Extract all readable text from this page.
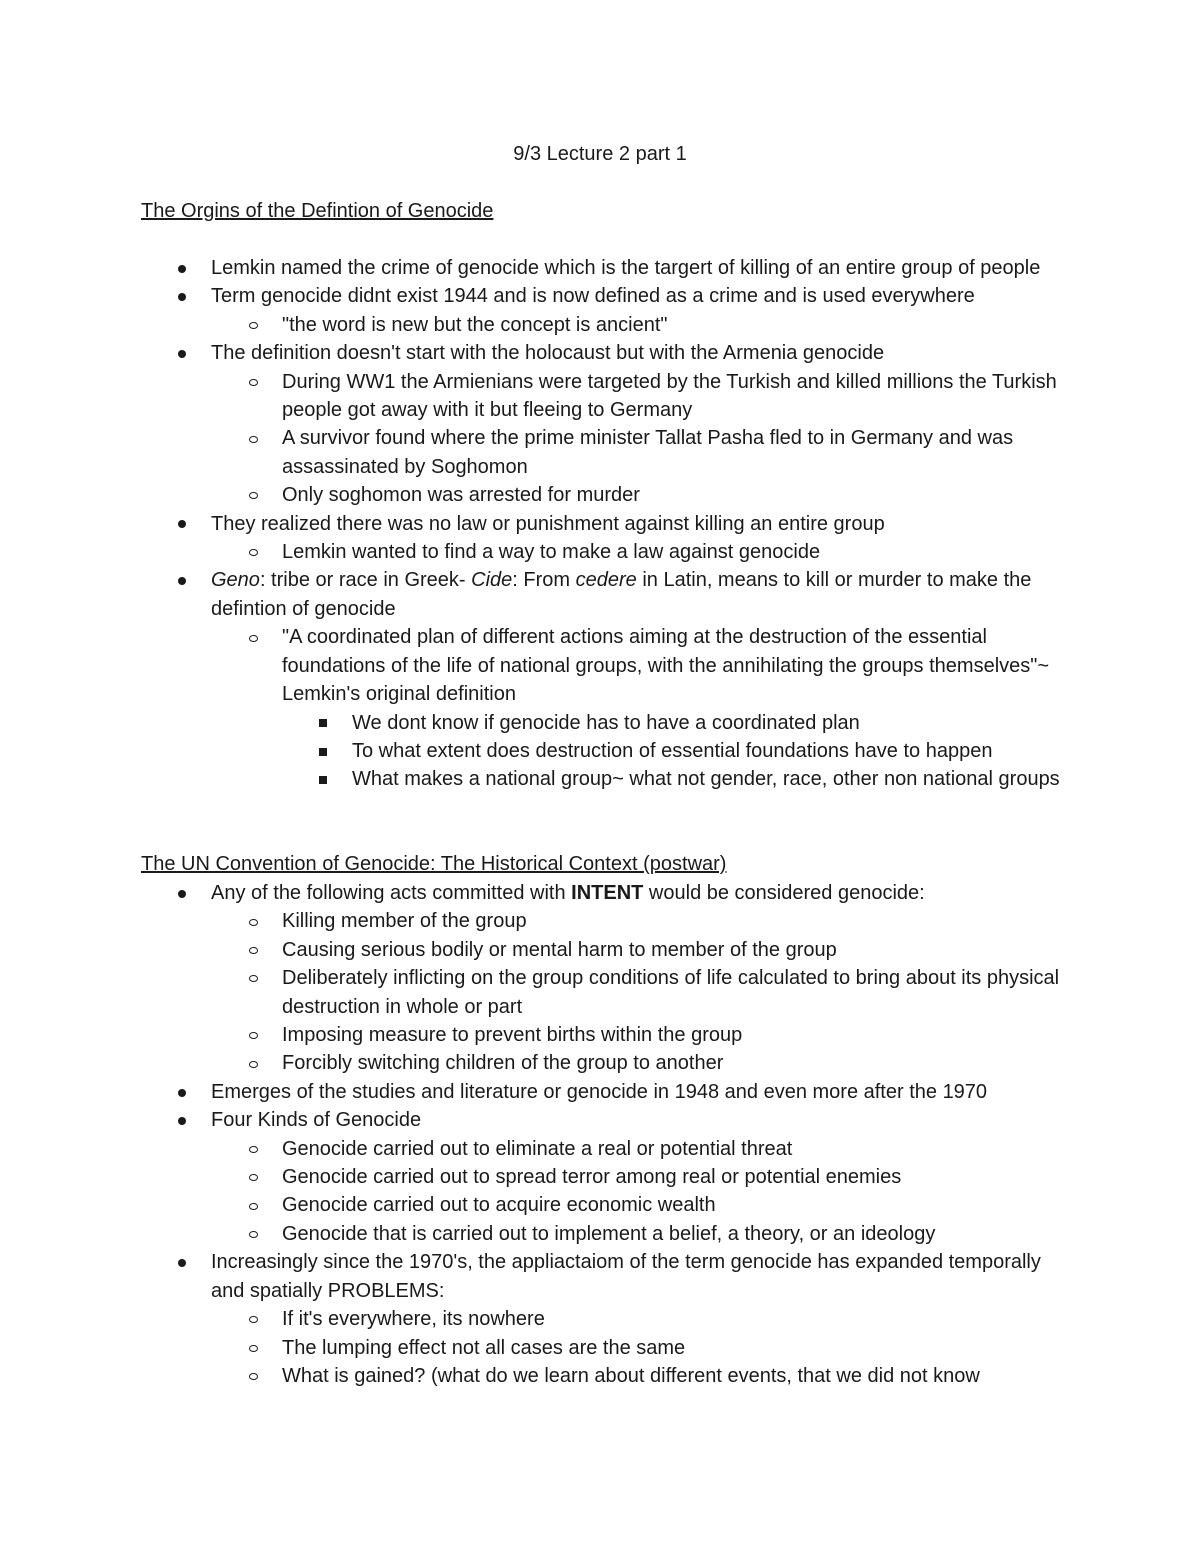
9/3 Lecture 2 part 1
The Orgins of the Defintion of Genocide
Lemkin named the crime of genocide which is the targert of killing of an entire group of people
Term genocide didnt exist 1944 and is now defined as a crime and is used everywhere
"the word is new but the concept is ancient"
The definition doesn't start with the holocaust but with the Armenia genocide
During WW1 the Armienians were targeted by the Turkish and killed millions the Turkish people got away with it but fleeing to Germany
A survivor found where the prime minister Tallat Pasha fled to in Germany and was assassinated by Soghomon
Only soghomon was arrested for murder
They realized there was no law or punishment against killing an entire group
Lemkin wanted to find a way to make a law against genocide
Geno: tribe or race in Greek- Cide: From cedere in Latin, means to kill or murder to make the defintion of genocide
"A coordinated plan of different actions aiming at the destruction of the essential foundations of the life of national groups, with the annihilating the groups themselves"~ Lemkin's original definition
We dont know if genocide has to have a coordinated plan
To what extent does destruction of essential foundations have to happen
What makes a national group~ what not gender, race, other non national groups
The UN Convention of Genocide: The Historical Context (postwar)
Any of the following acts committed with INTENT would be considered genocide:
Killing member of the group
Causing serious bodily or mental harm to member of the group
Deliberately inflicting on the group conditions of life calculated to bring about its physical destruction in whole or part
Imposing measure to prevent births within the group
Forcibly switching children of the group to another
Emerges of the studies and literature or genocide in 1948 and even more after the 1970
Four Kinds of Genocide
Genocide carried out to eliminate a real or potential threat
Genocide carried out to spread terror among real or potential enemies
Genocide carried out to acquire economic wealth
Genocide that is carried out to implement a belief, a theory, or an ideology
Increasingly since the 1970's, the appliactaiom of the term genocide has expanded temporally and spatially PROBLEMS:
If it's everywhere, its nowhere
The lumping effect not all cases are the same
What is gained? (what do we learn about different events, that we did not know
